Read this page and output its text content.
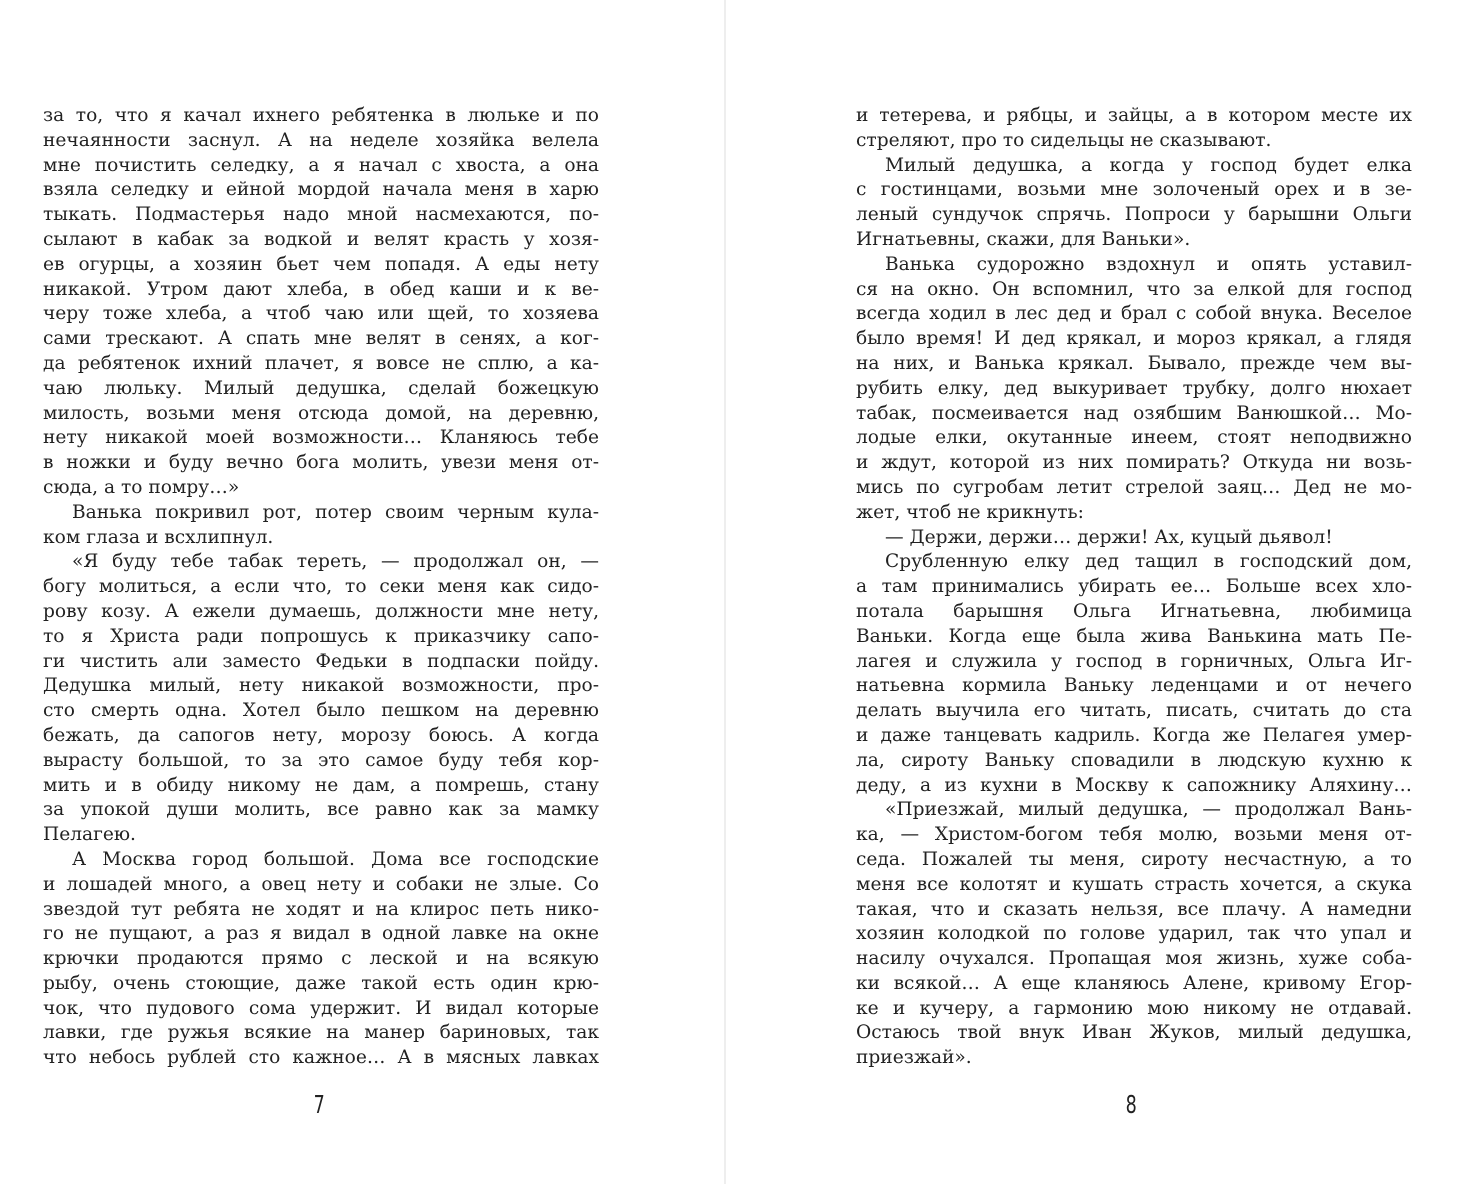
за то, что я качал ихнего ребятенка в люльке и по
нечаянности заснул. А на неделе хозяйка велела
мне почистить селедку, а я начал с хвоста, а она
взяла селедку и ейной мордой начала меня в харю
тыкать. Подмастерья надо мной насмехаются, по-
сылают в кабак за водкой и велят красть у хозя-
ев огурцы, а хозяин бьет чем попадя. А еды нету
никакой. Утром дают хлеба, в обед каши и к ве-
черу тоже хлеба, а чтоб чаю или щей, то хозяева
сами трескают. А спать мне велят в сенях, а ког-
да ребятенок ихний плачет, я вовсе не сплю, а ка-
чаю люльку. Милый дедушка, сделай божецкую
милость, возьми меня отсюда домой, на деревню,
нету никакой моей возможности… Кланяюсь тебе
в ножки и буду вечно бога молить, увези меня от-
сюда, а то помру…»
Ванька покривил рот, потер своим черным кула-
ком глаза и всхлипнул.
«Я буду тебе табак тереть, — продолжал он, —
богу молиться, а если что, то секи меня как сидо-
рову козу. А ежели думаешь, должности мне нету,
то я Христа ради попрошусь к приказчику сапо-
ги чистить али заместо Федьки в подпаски пойду.
Дедушка милый, нету никакой возможности, про-
сто смерть одна. Хотел было пешком на деревню
бежать, да сапогов нету, морозу боюсь. А когда
вырасту большой, то за это самое буду тебя кор-
мить и в обиду никому не дам, а помрешь, стану
за упокой души молить, все равно как за мамку
Пелагею.
А Москва город большой. Дома все господские
и лошадей много, а овец нету и собаки не злые. Со
звездой тут ребята не ходят и на клирос петь нико-
го не пущают, а раз я видал в одной лавке на окне
крючки продаются прямо с леской и на всякую
рыбу, очень стоющие, даже такой есть один крю-
чок, что пудового сома удержит. И видал которые
лавки, где ружья всякие на манер бариновых, так
что небось рублей сто кажное… А в мясных лавках
7
и тетерева, и рябцы, и зайцы, а в котором месте их
стреляют, про то сидельцы не сказывают.
Милый дедушка, а когда у господ будет елка
с гостинцами, возьми мне золоченый орех и в зе-
леный сундучок спрячь. Попроси у барышни Ольги
Игнатьевны, скажи, для Ваньки».
Ванька судорожно вздохнул и опять уставил-
ся на окно. Он вспомнил, что за елкой для господ
всегда ходил в лес дед и брал с собой внука. Веселое
было время! И дед крякал, и мороз крякал, а глядя
на них, и Ванька крякал. Бывало, прежде чем вы-
рубить елку, дед выкуривает трубку, долго нюхает
табак, посмеивается над озябшим Ванюшкой… Мо-
лодые елки, окутанные инеем, стоят неподвижно
и ждут, которой из них помирать? Откуда ни возь-
мись по сугробам летит стрелой заяц… Дед не мо-
жет, чтоб не крикнуть:
— Держи, держи… держи! Ах, куцый дьявол!
Срубленную елку дед тащил в господский дом,
а там принимались убирать ее… Больше всех хло-
потала барышня Ольга Игнатьевна, любимица
Ваньки. Когда еще была жива Ванькина мать Пе-
лагея и служила у господ в горничных, Ольга Иг-
натьевна кормила Ваньку леденцами и от нечего
делать выучила его читать, писать, считать до ста
и даже танцевать кадриль. Когда же Пелагея умер-
ла, сироту Ваньку сповадили в людскую кухню к
деду, а из кухни в Москву к сапожнику Аляхину…
«Приезжай, милый дедушка, — продолжал Вань-
ка, — Христом-богом тебя молю, возьми меня от-
седа. Пожалей ты меня, сироту несчастную, а то
меня все колотят и кушать страсть хочется, а скука
такая, что и сказать нельзя, все плачу. А намедни
хозяин колодкой по голове ударил, так что упал и
насилу очухался. Пропащая моя жизнь, хуже соба-
ки всякой… А еще кланяюсь Алене, кривому Егор-
ке и кучеру, а гармонию мою никому не отдавай.
Остаюсь твой внук Иван Жуков, милый дедушка,
приезжай».
8
